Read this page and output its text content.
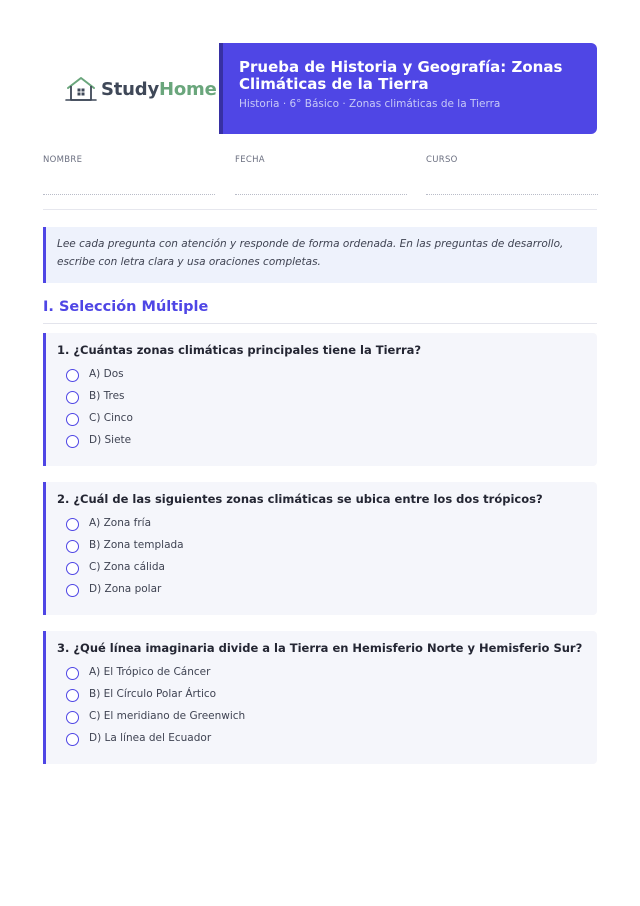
StudyHome
Prueba de Historia y Geografía: Zonas Climáticas de la Tierra
Historia · 6° Básico · Zonas climáticas de la Tierra
NOMBRE	FECHA	CURSO
Lee cada pregunta con atención y responde de forma ordenada. En las preguntas de desarrollo, escribe con letra clara y usa oraciones completas.
I. Selección Múltiple
1. ¿Cuántas zonas climáticas principales tiene la Tierra?
A) Dos
B) Tres
C) Cinco
D) Siete
2. ¿Cuál de las siguientes zonas climáticas se ubica entre los dos trópicos?
A) Zona fría
B) Zona templada
C) Zona cálida
D) Zona polar
3. ¿Qué línea imaginaria divide a la Tierra en Hemisferio Norte y Hemisferio Sur?
A) El Trópico de Cáncer
B) El Círculo Polar Ártico
C) El meridiano de Greenwich
D) La línea del Ecuador
